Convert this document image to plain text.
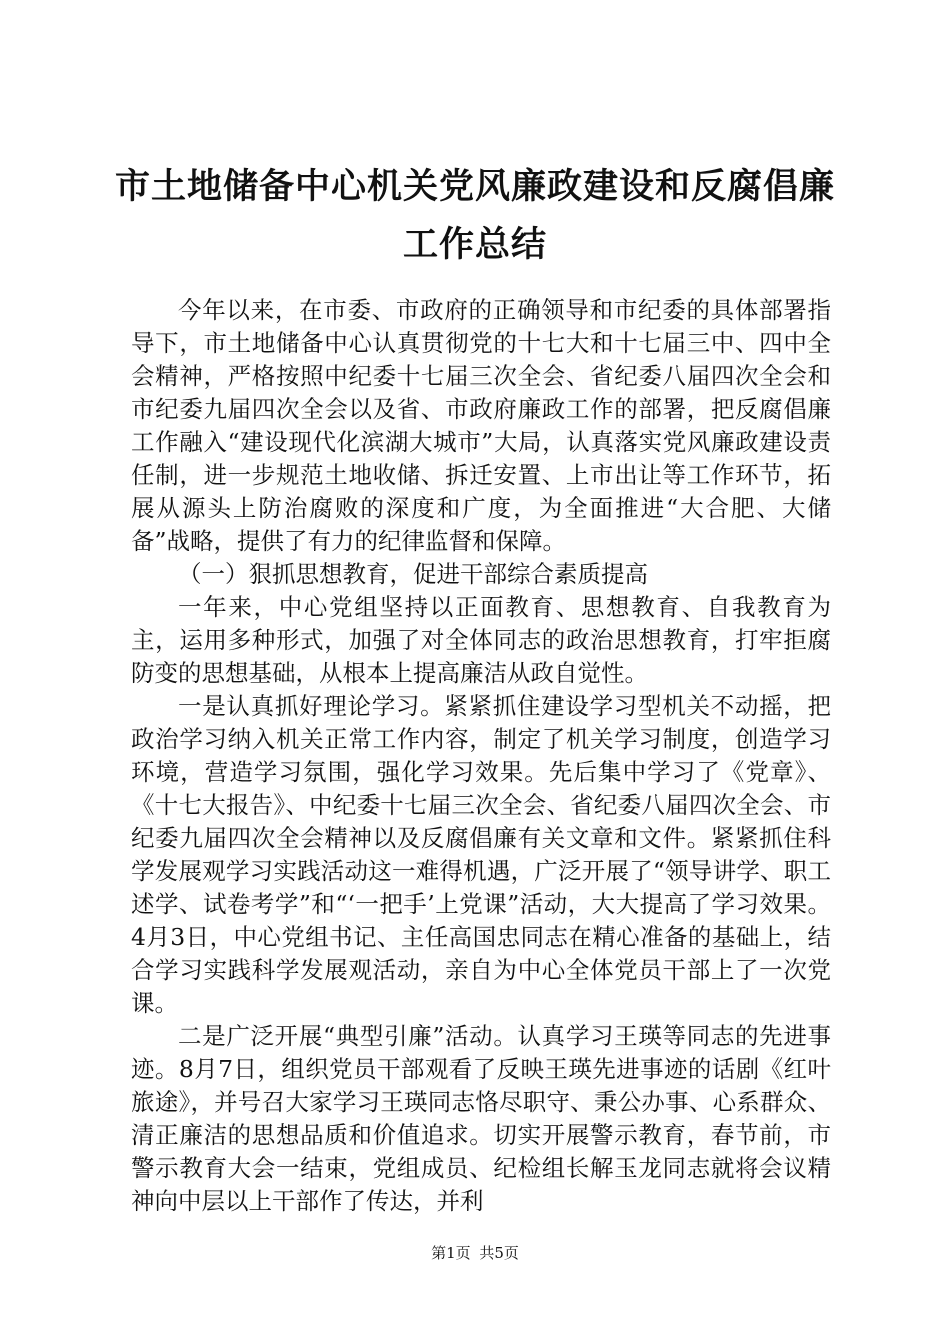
市土地储备中心机关党风廉政建设和反腐倡廉
工作总结

今年以来，在市委、市政府的正确领导和市纪委的具体部署指导下，市土地储备中心认真贯彻党的十七大和十七届三中、四中全会精神，严格按照中纪委十七届三次全会、省纪委八届四次全会和市纪委九届四次全会以及省、市政府廉政工作的部署，把反腐倡廉工作融入“建设现代化滨湖大城市”大局，认真落实党风廉政建设责任制，进一步规范土地收储、拆迁安置、上市出让等工作环节，拓展从源头上防治腐败的深度和广度，为全面推进“大合肥、大储备”战略，提供了有力的纪律监督和保障。

（一）狠抓思想教育，促进干部综合素质提高

一年来，中心党组坚持以正面教育、思想教育、自我教育为主，运用多种形式，加强了对全体同志的政治思想教育，打牢拒腐防变的思想基础，从根本上提高廉洁从政自觉性。

一是认真抓好理论学习。紧紧抓住建设学习型机关不动摇，把政治学习纳入机关正常工作内容，制定了机关学习制度，创造学习环境，营造学习氛围，强化学习效果。先后集中学习了《党章》、《十七大报告》、中纪委十七届三次全会、省纪委八届四次全会、市纪委九届四次全会精神以及反腐倡廉有关文章和文件。紧紧抓住科学发展观学习实践活动这一难得机遇，广泛开展了“领导讲学、职工述学、试卷考学”和“‘一把手’上党课”活动，大大提高了学习效果。4月3日，中心党组书记、主任高国忠同志在精心准备的基础上，结合学习实践科学发展观活动，亲自为中心全体党员干部上了一次党课。

二是广泛开展“典型引廉”活动。认真学习王瑛等同志的先进事迹。8月7日，组织党员干部观看了反映王瑛先进事迹的话剧《红叶旅途》，并号召大家学习王瑛同志恪尽职守、秉公办事、心系群众、清正廉洁的思想品质和价值追求。切实开展警示教育，春节前，市警示教育大会一结束，党组成员、纪检组长解玉龙同志就将会议精神向中层以上干部作了传达，并利

第1页 共5页
